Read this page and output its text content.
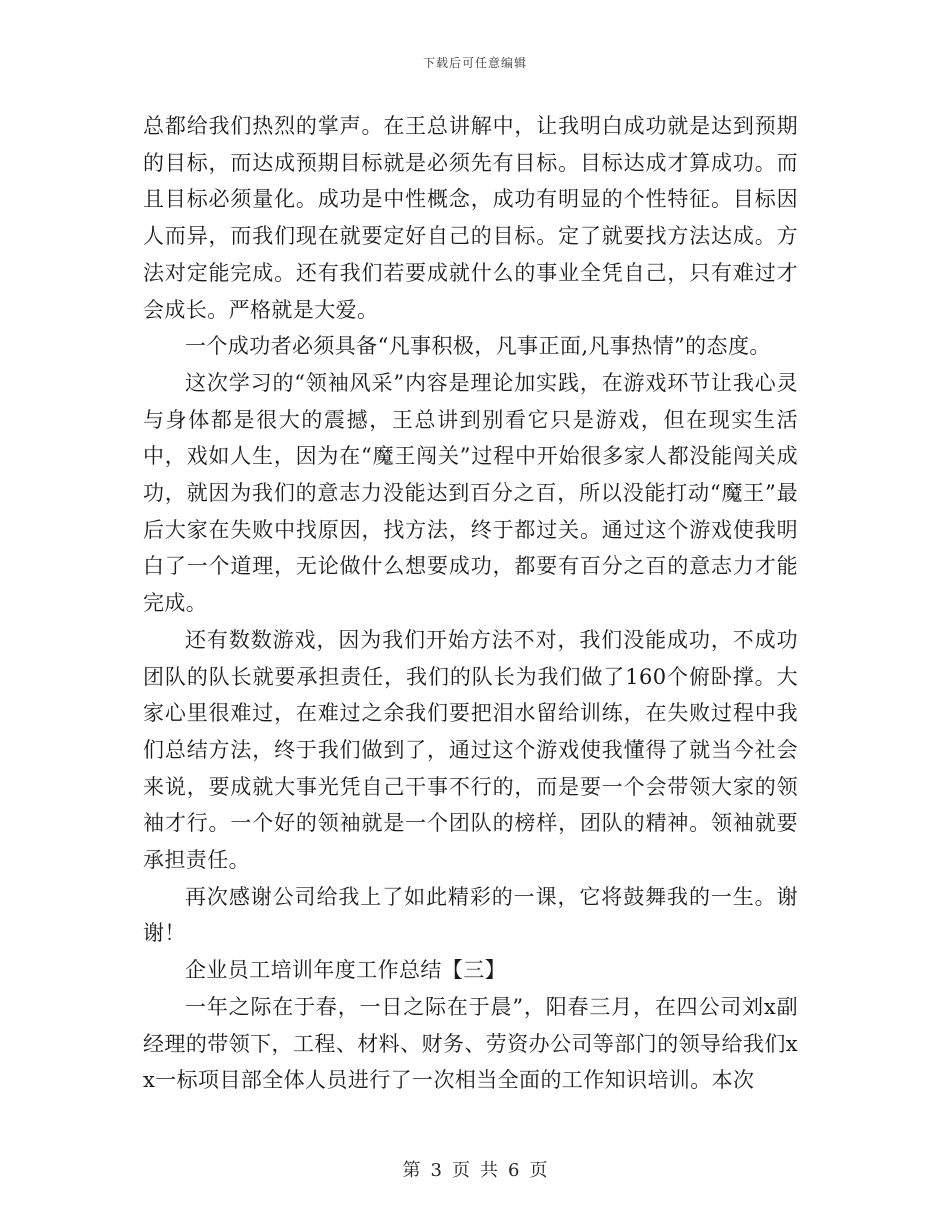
下载后可任意编辑

总都给我们热烈的掌声。在王总讲解中，让我明白成功就是达到预期的目标，而达成预期目标就是必须先有目标。目标达成才算成功。而且目标必须量化。成功是中性概念，成功有明显的个性特征。目标因人而异，而我们现在就要定好自己的目标。定了就要找方法达成。方法对定能完成。还有我们若要成就什么的事业全凭自己，只有难过才会成长。严格就是大爱。

一个成功者必须具备“凡事积极，凡事正面,凡事热情”的态度。

这次学习的“领袖风采”内容是理论加实践，在游戏环节让我心灵与身体都是很大的震撼，王总讲到别看它只是游戏，但在现实生活中，戏如人生，因为在“魔王闯关”过程中开始很多家人都没能闯关成功，就因为我们的意志力没能达到百分之百，所以没能打动“魔王”最后大家在失败中找原因，找方法，终于都过关。通过这个游戏使我明白了一个道理，无论做什么想要成功，都要有百分之百的意志力才能完成。

还有数数游戏，因为我们开始方法不对，我们没能成功，不成功团队的队长就要承担责任，我们的队长为我们做了160个俯卧撑。大家心里很难过，在难过之余我们要把泪水留给训练，在失败过程中我们总结方法，终于我们做到了，通过这个游戏使我懂得了就当今社会来说，要成就大事光凭自己干事不行的，而是要一个会带领大家的领袖才行。一个好的领袖就是一个团队的榜样，团队的精神。领袖就要承担责任。

再次感谢公司给我上了如此精彩的一课，它将鼓舞我的一生。谢谢！

企业员工培训年度工作总结【三】

一年之际在于春，一日之际在于晨”，阳春三月，在四公司刘x副经理的带领下，工程、材料、财务、劳资办公司等部门的领导给我们xx一标项目部全体人员进行了一次相当全面的工作知识培训。本次

第 3 页 共 6 页
